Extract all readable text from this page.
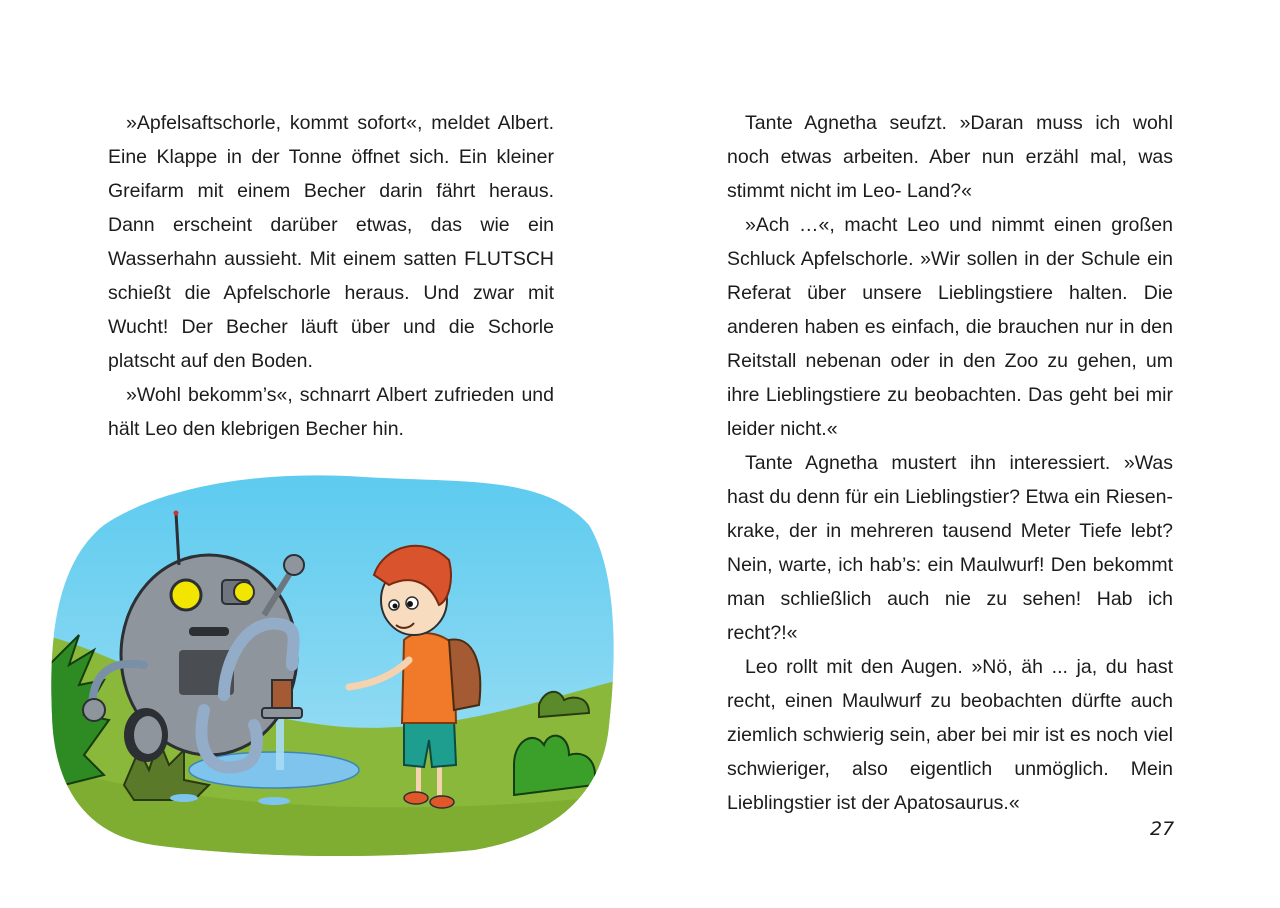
»Apfelsaftschorle, kommt sofort«, meldet Albert. Eine Klappe in der Tonne öffnet sich. Ein kleiner Greifarm mit einem Becher darin fährt heraus. Dann erscheint darüber etwas, das wie ein Wasserhahn aussieht. Mit einem satten FLUTSCH schießt die Apfelschorle heraus. Und zwar mit Wucht! Der Becher läuft über und die Schorle platscht auf den Boden.

»Wohl bekomm’s«, schnarrt Albert zufrieden und hält Leo den klebrigen Becher hin.

Tante Agnetha seufzt. »Daran muss ich wohl noch etwas arbeiten. Aber nun erzähl mal, was stimmt nicht im Leo- Land?«

»Ach …«, macht Leo und nimmt einen großen Schluck Apfelschorle. »Wir sollen in der Schule ein Referat über unsere Lieblingstiere halten. Die anderen haben es einfach, die brauchen nur in den Reitstall nebenan oder in den Zoo zu gehen, um ihre Lieblingstiere zu beobachten. Das geht bei mir leider nicht.«

Tante Agnetha mustert ihn interessiert. »Was hast du denn für ein Lieblingstier? Etwa ein Riesenkrake, der in mehreren tausend Meter Tiefe lebt? Nein, warte, ich hab’s: ein Maulwurf! Den bekommt man schließlich auch nie zu sehen! Hab ich recht?!«

Leo rollt mit den Augen. »Nö, äh ... ja, du hast recht, einen Maulwurf zu beobachten dürfte auch ziemlich schwierig sein, aber bei mir ist es noch viel schwieriger, also eigentlich unmöglich. Mein Lieblingstier ist der Apatosaurus.«

27
